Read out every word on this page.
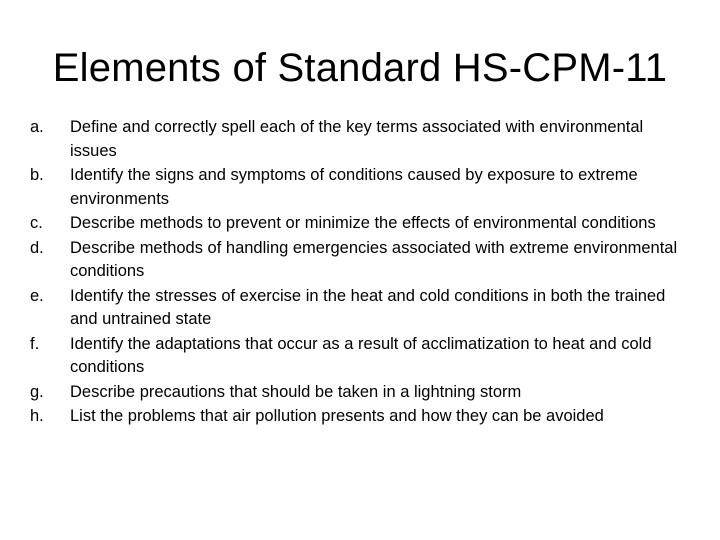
Elements of Standard HS-CPM-11
a.	Define and correctly spell each of the key terms associated with environmental issues
b.	Identify the signs and symptoms of conditions caused by exposure to extreme environments
c.	Describe methods to prevent or minimize the effects of environmental conditions
d.	Describe methods of handling emergencies associated with extreme environmental conditions
e.	Identify the stresses of exercise in the heat and cold conditions in both the trained and untrained state
f.	Identify the adaptations that occur as a result of acclimatization to heat and cold conditions
g.	Describe precautions that should be taken in a lightning storm
h.	List the problems that air pollution presents and how they can be avoided
